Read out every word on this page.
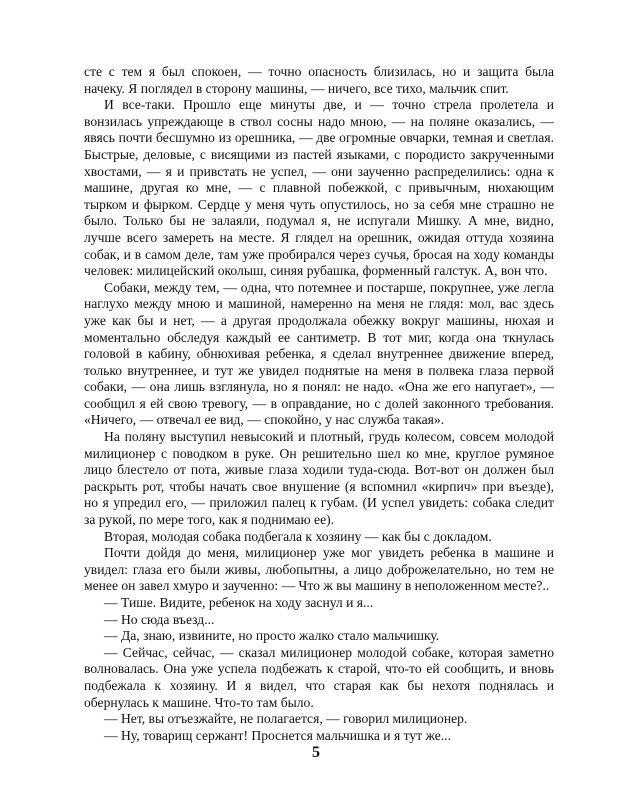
сте с тем я был спокоен, — точно опасность близилась, но и защита была начеку. Я поглядел в сторону машины, — ничего, все тихо, мальчик спит.

И все-таки. Прошло еще минуты две, и — точно стрела пролетела и вонзилась упреждающе в ствол сосны надо мною, — на поляне оказались, — явясь почти бесшумно из орешника, — две огромные овчарки, темная и светлая. Быстрые, деловые, с висящими из пастей языками, с породисто закрученными хвостами, — я и привстать не успел, — они заученно распределились: одна к машине, другая ко мне, — с плавной побежкой, с привычным, нюхающим тырком и фырком. Сердце у меня чуть опустилось, но за себя мне страшно не было. Только бы не залаяли, подумал я, не испугали Мишку. А мне, видно, лучше всего замереть на месте. Я глядел на орешник, ожидая оттуда хозяина собак, и в самом деле, там уже пробирался через сучья, бросая на ходу команды человек: милицейский околыш, синяя рубашка, форменный галстук. А, вон что.

Собаки, между тем, — одна, что потемнее и постарше, покрупнее, уже легла наглухо между мною и машиной, намеренно на меня не глядя: мол, вас здесь уже как бы и нет, — а другая продолжала обежку вокруг машины, нюхая и моментально обследуя каждый ее сантиметр. В тот миг, когда она ткнулась головой в кабину, обнюхивая ребенка, я сделал внутреннее движение вперед, только внутреннее, и тут же увидел поднятые на меня в полвека глаза первой собаки, — она лишь взглянула, но я понял: не надо. «Она же его напугает», — сообщил я ей свою тревогу, — в оправдание, но с долей законного требования. «Ничего, — отвечал ее вид, — спокойно, у нас служба такая».

На поляну выступил невысокий и плотный, грудь колесом, совсем молодой милиционер с поводком в руке. Он решительно шел ко мне, круглое румяное лицо блестело от пота, живые глаза ходили туда-сюда. Вот-вот он должен был раскрыть рот, чтобы начать свое внушение (я вспомнил «кирпич» при въезде), но я упредил его, — приложил палец к губам. (И успел увидеть: собака следит за рукой, по мере того, как я поднимаю ее).

Вторая, молодая собака подбегала к хозяину — как бы с докладом.

Почти дойдя до меня, милиционер уже мог увидеть ребенка в машине и увидел: глаза его были живы, любопытны, а лицо доброжелательно, но тем не менее он завел хмуро и заученно: — Что ж вы машину в неположенном месте?..

— Тише. Видите, ребенок на ходу заснул и я...

— Но сюда въезд...

— Да, знаю, извините, но просто жалко стало мальчишку.

— Сейчас, сейчас, — сказал милиционер молодой собаке, которая заметно волновалась. Она уже успела подбежать к старой, что-то ей сообщить, и вновь подбежала к хозяину. И я видел, что старая как бы нехотя поднялась и обернулась к машине. Что-то там было.

— Нет, вы отъезжайте, не полагается, — говорил милиционер.

— Ну, товарищ сержант! Проснется мальчишка и я тут же...

5
